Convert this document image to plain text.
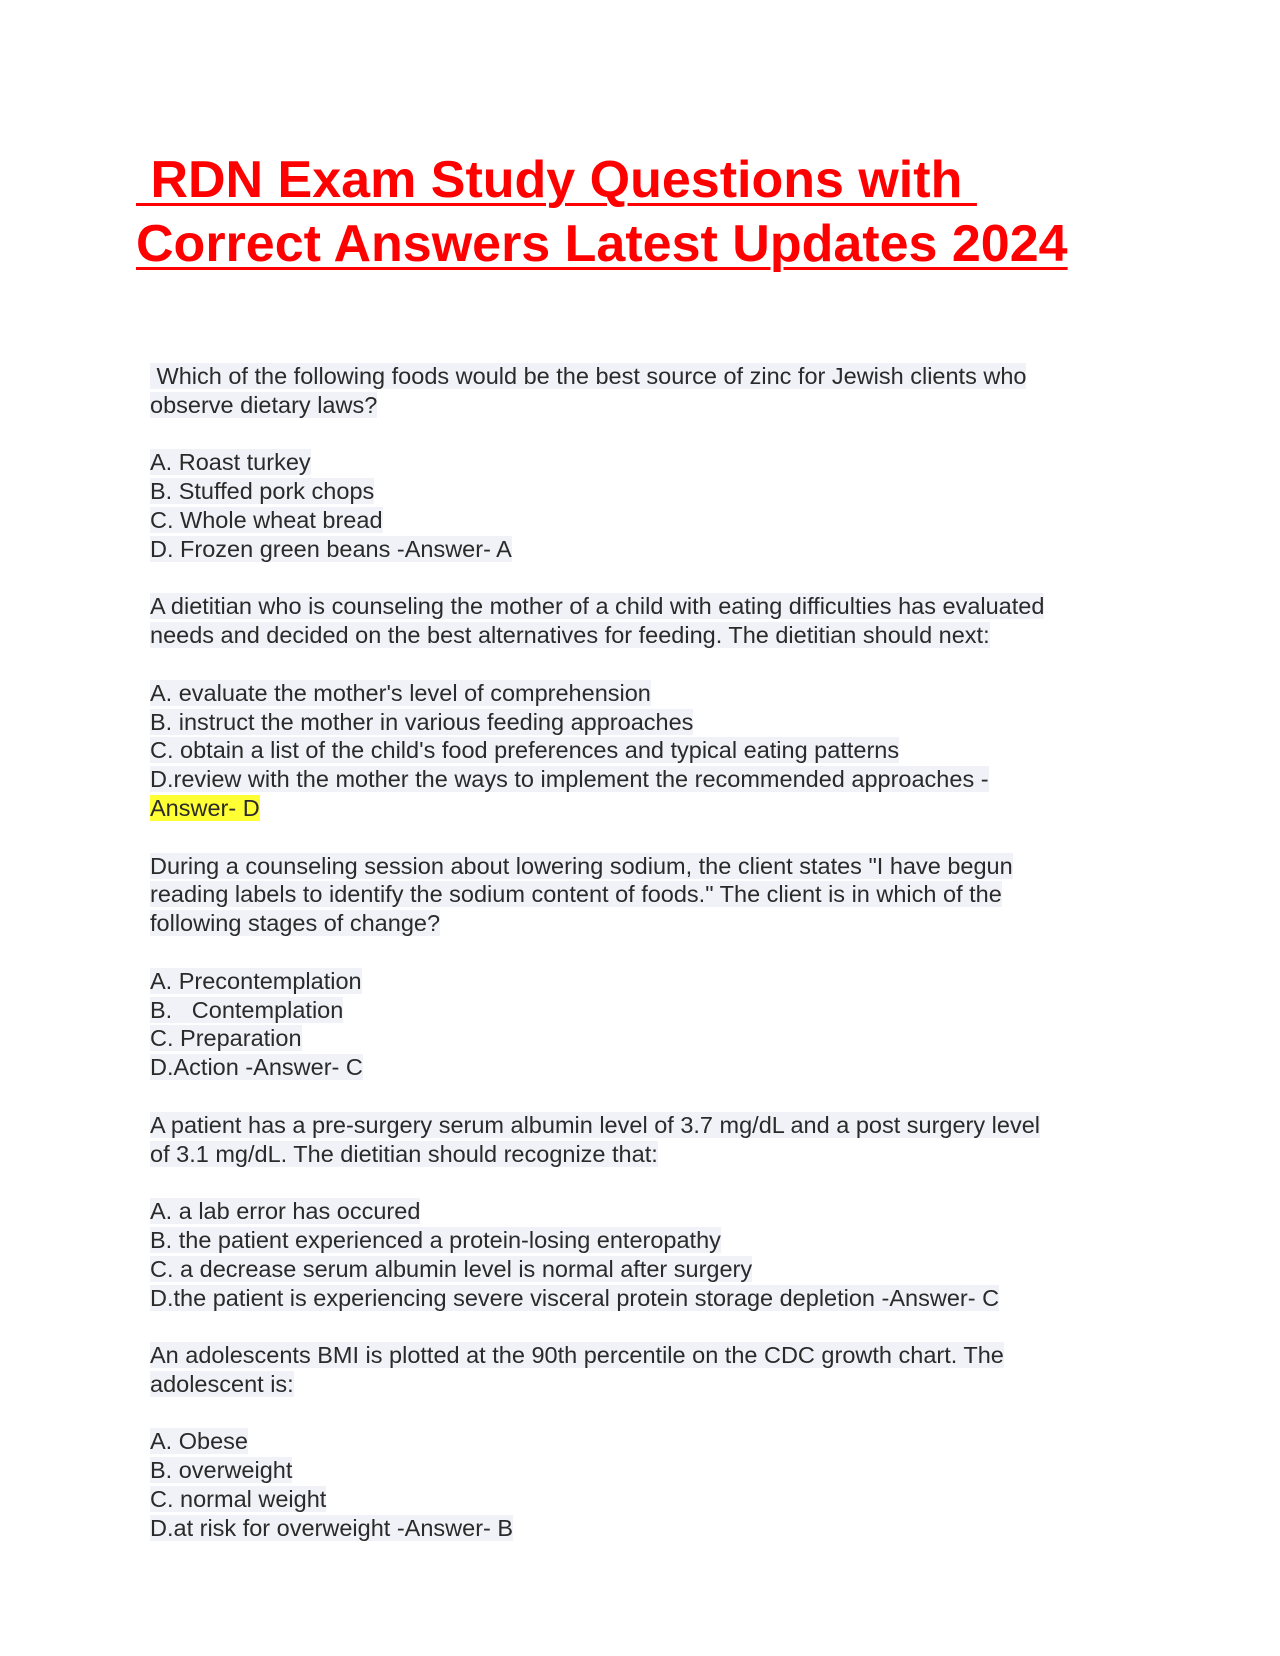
RDN Exam Study Questions with
Correct Answers Latest Updates 2024
Which of the following foods would be the best source of zinc for Jewish clients who
observe dietary laws?
A. Roast turkey
B. Stuffed pork chops
C. Whole wheat bread
D. Frozen green beans -Answer- A
A dietitian who is counseling the mother of a child with eating difficulties has evaluated
needs and decided on the best alternatives for feeding. The dietitian should next:
A. evaluate the mother's level of comprehension
B. instruct the mother in various feeding approaches
C. obtain a list of the child's food preferences and typical eating patterns
D.review with the mother the ways to implement the recommended approaches -
Answer- D
During a counseling session about lowering sodium, the client states "I have begun
reading labels to identify the sodium content of foods." The client is in which of the
following stages of change?
A. Precontemplation
B.   Contemplation
C. Preparation
D.Action -Answer- C
A patient has a pre-surgery serum albumin level of 3.7 mg/dL and a post surgery level
of 3.1 mg/dL. The dietitian should recognize that:
A. a lab error has occured
B. the patient experienced a protein-losing enteropathy
C. a decrease serum albumin level is normal after surgery
D.the patient is experiencing severe visceral protein storage depletion -Answer- C
An adolescents BMI is plotted at the 90th percentile on the CDC growth chart. The
adolescent is:
A. Obese
B. overweight
C. normal weight
D.at risk for overweight -Answer- B
